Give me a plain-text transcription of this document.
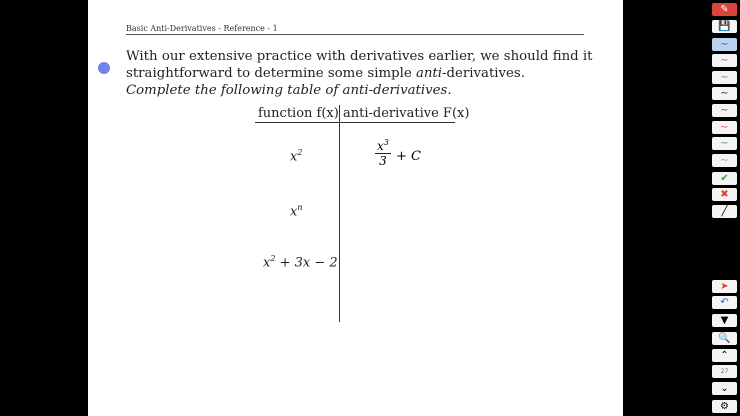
Basic Anti-Derivatives - Reference - 1
With our extensive practice with derivatives earlier, we should find it straightforward to determine some simple anti-derivatives.
Complete the following table of anti-derivatives.
function f(x) anti-derivative F(x)
$x^2$	$\frac{x^3}{3} + C$
$x^n$
$x^2 + 3x - 2$
✎
💾
∼
∼
∼
∼
∼
∼
∼
∼
✔
✖
╱
➤
↶
▼
🔍
⌃
27
⌄
⚙
